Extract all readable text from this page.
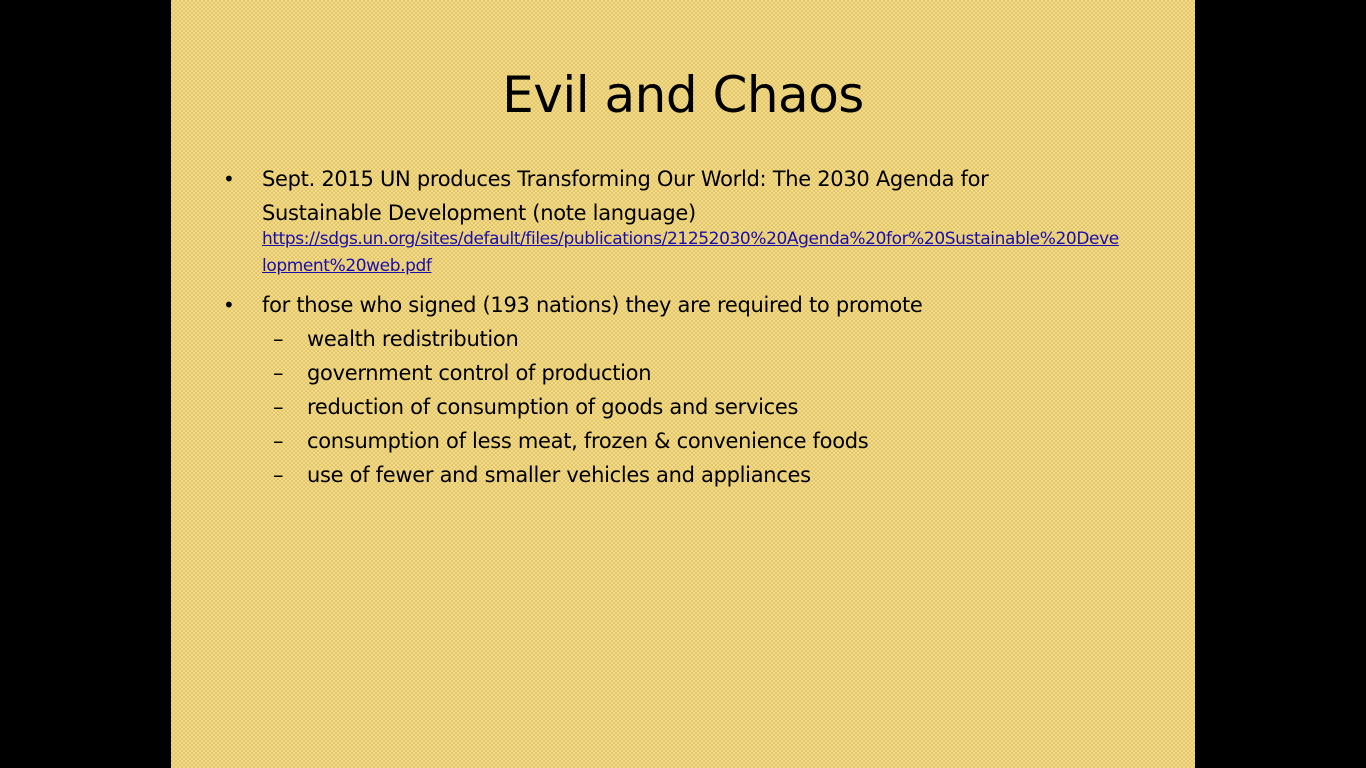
Evil and Chaos
• Sept. 2015 UN produces Transforming Our World: The 2030 Agenda for
Sustainable Development (note language)
https://sdgs.un.org/sites/default/files/publications/21252030%20Agenda%20for%20Sustainable%20Development%20web.pdf
• for those who signed (193 nations) they are required to promote
– wealth redistribution
– government control of production
– reduction of consumption of goods and services
– consumption of less meat, frozen & convenience foods
– use of fewer and smaller vehicles and appliances
